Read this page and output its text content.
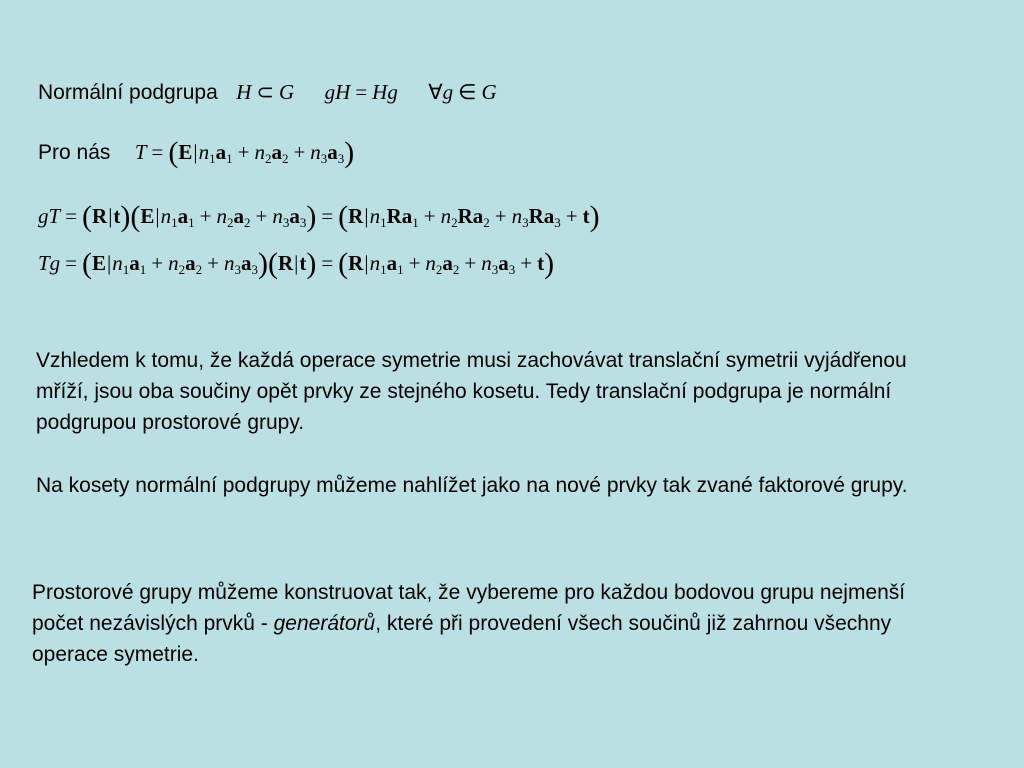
Normální podgrupa H ⊂ G gH = Hg ∀g ∈ G
Pro nás $T = (E|n_1a_1 + n_2a_2 + n_3a_3)$
gT = $(R|t)(E|n_1a_1 + n_2a_2 + n_3a_3) = (R|n_1Ra_1 + n_2Ra_2 + n_3Ra_3 + t)$
$Tg = (E|n_1a_1 + n_2a_2 + n_3a_3)(R|t) = (R|n_1a_1 + n_2a_2 + n_3a_3 + t)$

Vzhledem k tomu, že každá operace symetrie musi zachovávat translační symetrii vyjádřenou mříží, jsou oba součiny opět prvky ze stejného kosetu. Tedy translační podgrupa je normální podgrupou prostorové grupy.

Na kosety normální podgrupy můžeme nahlížet jako na nové prvky tak zvané faktorové grupy.

Prostorové grupy můžeme konstruovat tak, že vybereme pro každou bodovou grupu nejmenší počet nezávislých prvků - generátorů, které při provedení všech součinů již zahrnou všechny operace symetrie.
